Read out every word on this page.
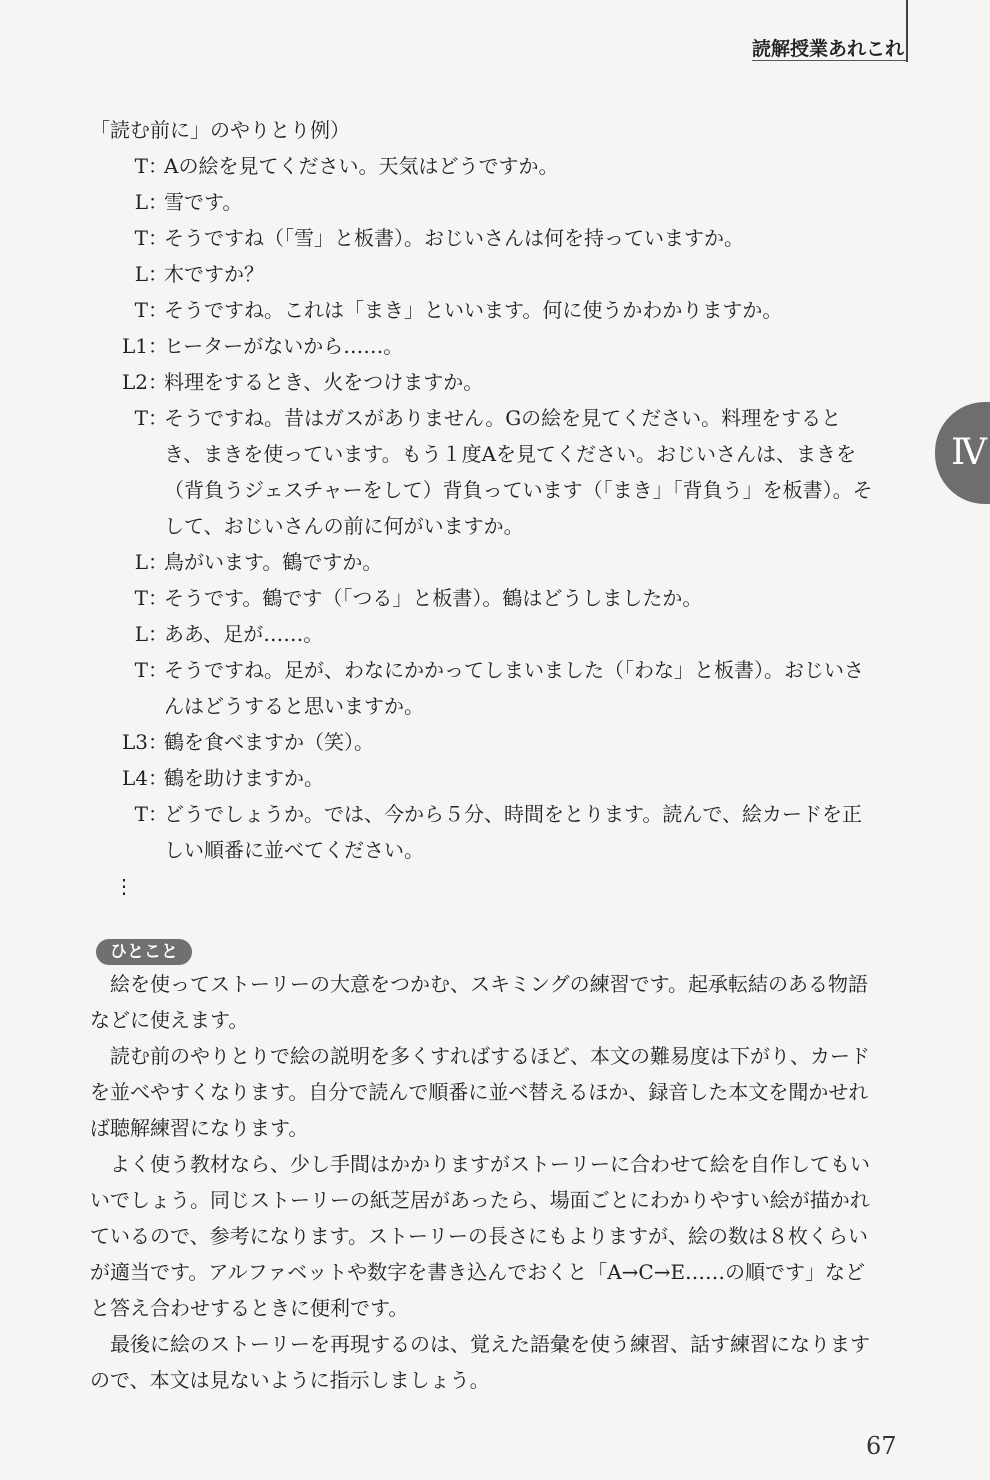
読解授業あれこれ
Ⅳ
「読む前に」のやりとり例）
T ：
Aの絵を見てください。天気はどうですか。
L ：
雪です。
T ：
そうですね（「雪」と板書）。おじいさんは何を持っていますか。
L ：
木ですか？
T ：
そうですね。これは「まき」といいます。何に使うかわかりますか。
L1 ：
ヒーターがないから……。
L2 ：
料理をするとき、火をつけますか。
T ：
そうですね。昔はガスがありません。Gの絵を見てください。料理をするとき、まきを使っています。もう１度Aを見てください。おじいさんは、まきを（背負うジェスチャーをして）背負っています（「まき」「背負う」を板書）。そして、おじいさんの前に何がいますか。
L ：
鳥がいます。鶴ですか。
T ：
そうです。鶴です（「つる」と板書）。鶴はどうしましたか。
L ：
ああ、足が……。
T ：
そうですね。足が、わなにかかってしまいました（「わな」と板書）。おじいさんはどうすると思いますか。
L3 ：
鶴を食べますか（笑）。
L4 ：
鶴を助けますか。
T ：
どうでしょうか。では、今から５分、時間をとります。読んで、絵カードを正しい順番に並べてください。
⋮
ひとこと

絵を使ってストーリーの大意をつかむ、スキミングの練習です。起承転結のある物語などに使えます。

読む前のやりとりで絵の説明を多くすればするほど、本文の難易度は下がり、カードを並べやすくなります。自分で読んで順番に並べ替えるほか、録音した本文を聞かせれば聴解練習になります。

よく使う教材なら、少し手間はかかりますがストーリーに合わせて絵を自作してもいいでしょう。同じストーリーの紙芝居があったら、場面ごとにわかりやすい絵が描かれているので、参考になります。ストーリーの長さにもよりますが、絵の数は８枚くらいが適当です。アルファベットや数字を書き込んでおくと「A→C→E……の順です」などと答え合わせするときに便利です。

最後に絵のストーリーを再現するのは、覚えた語彙を使う練習、話す練習になりますので、本文は見ないように指示しましょう。

67
